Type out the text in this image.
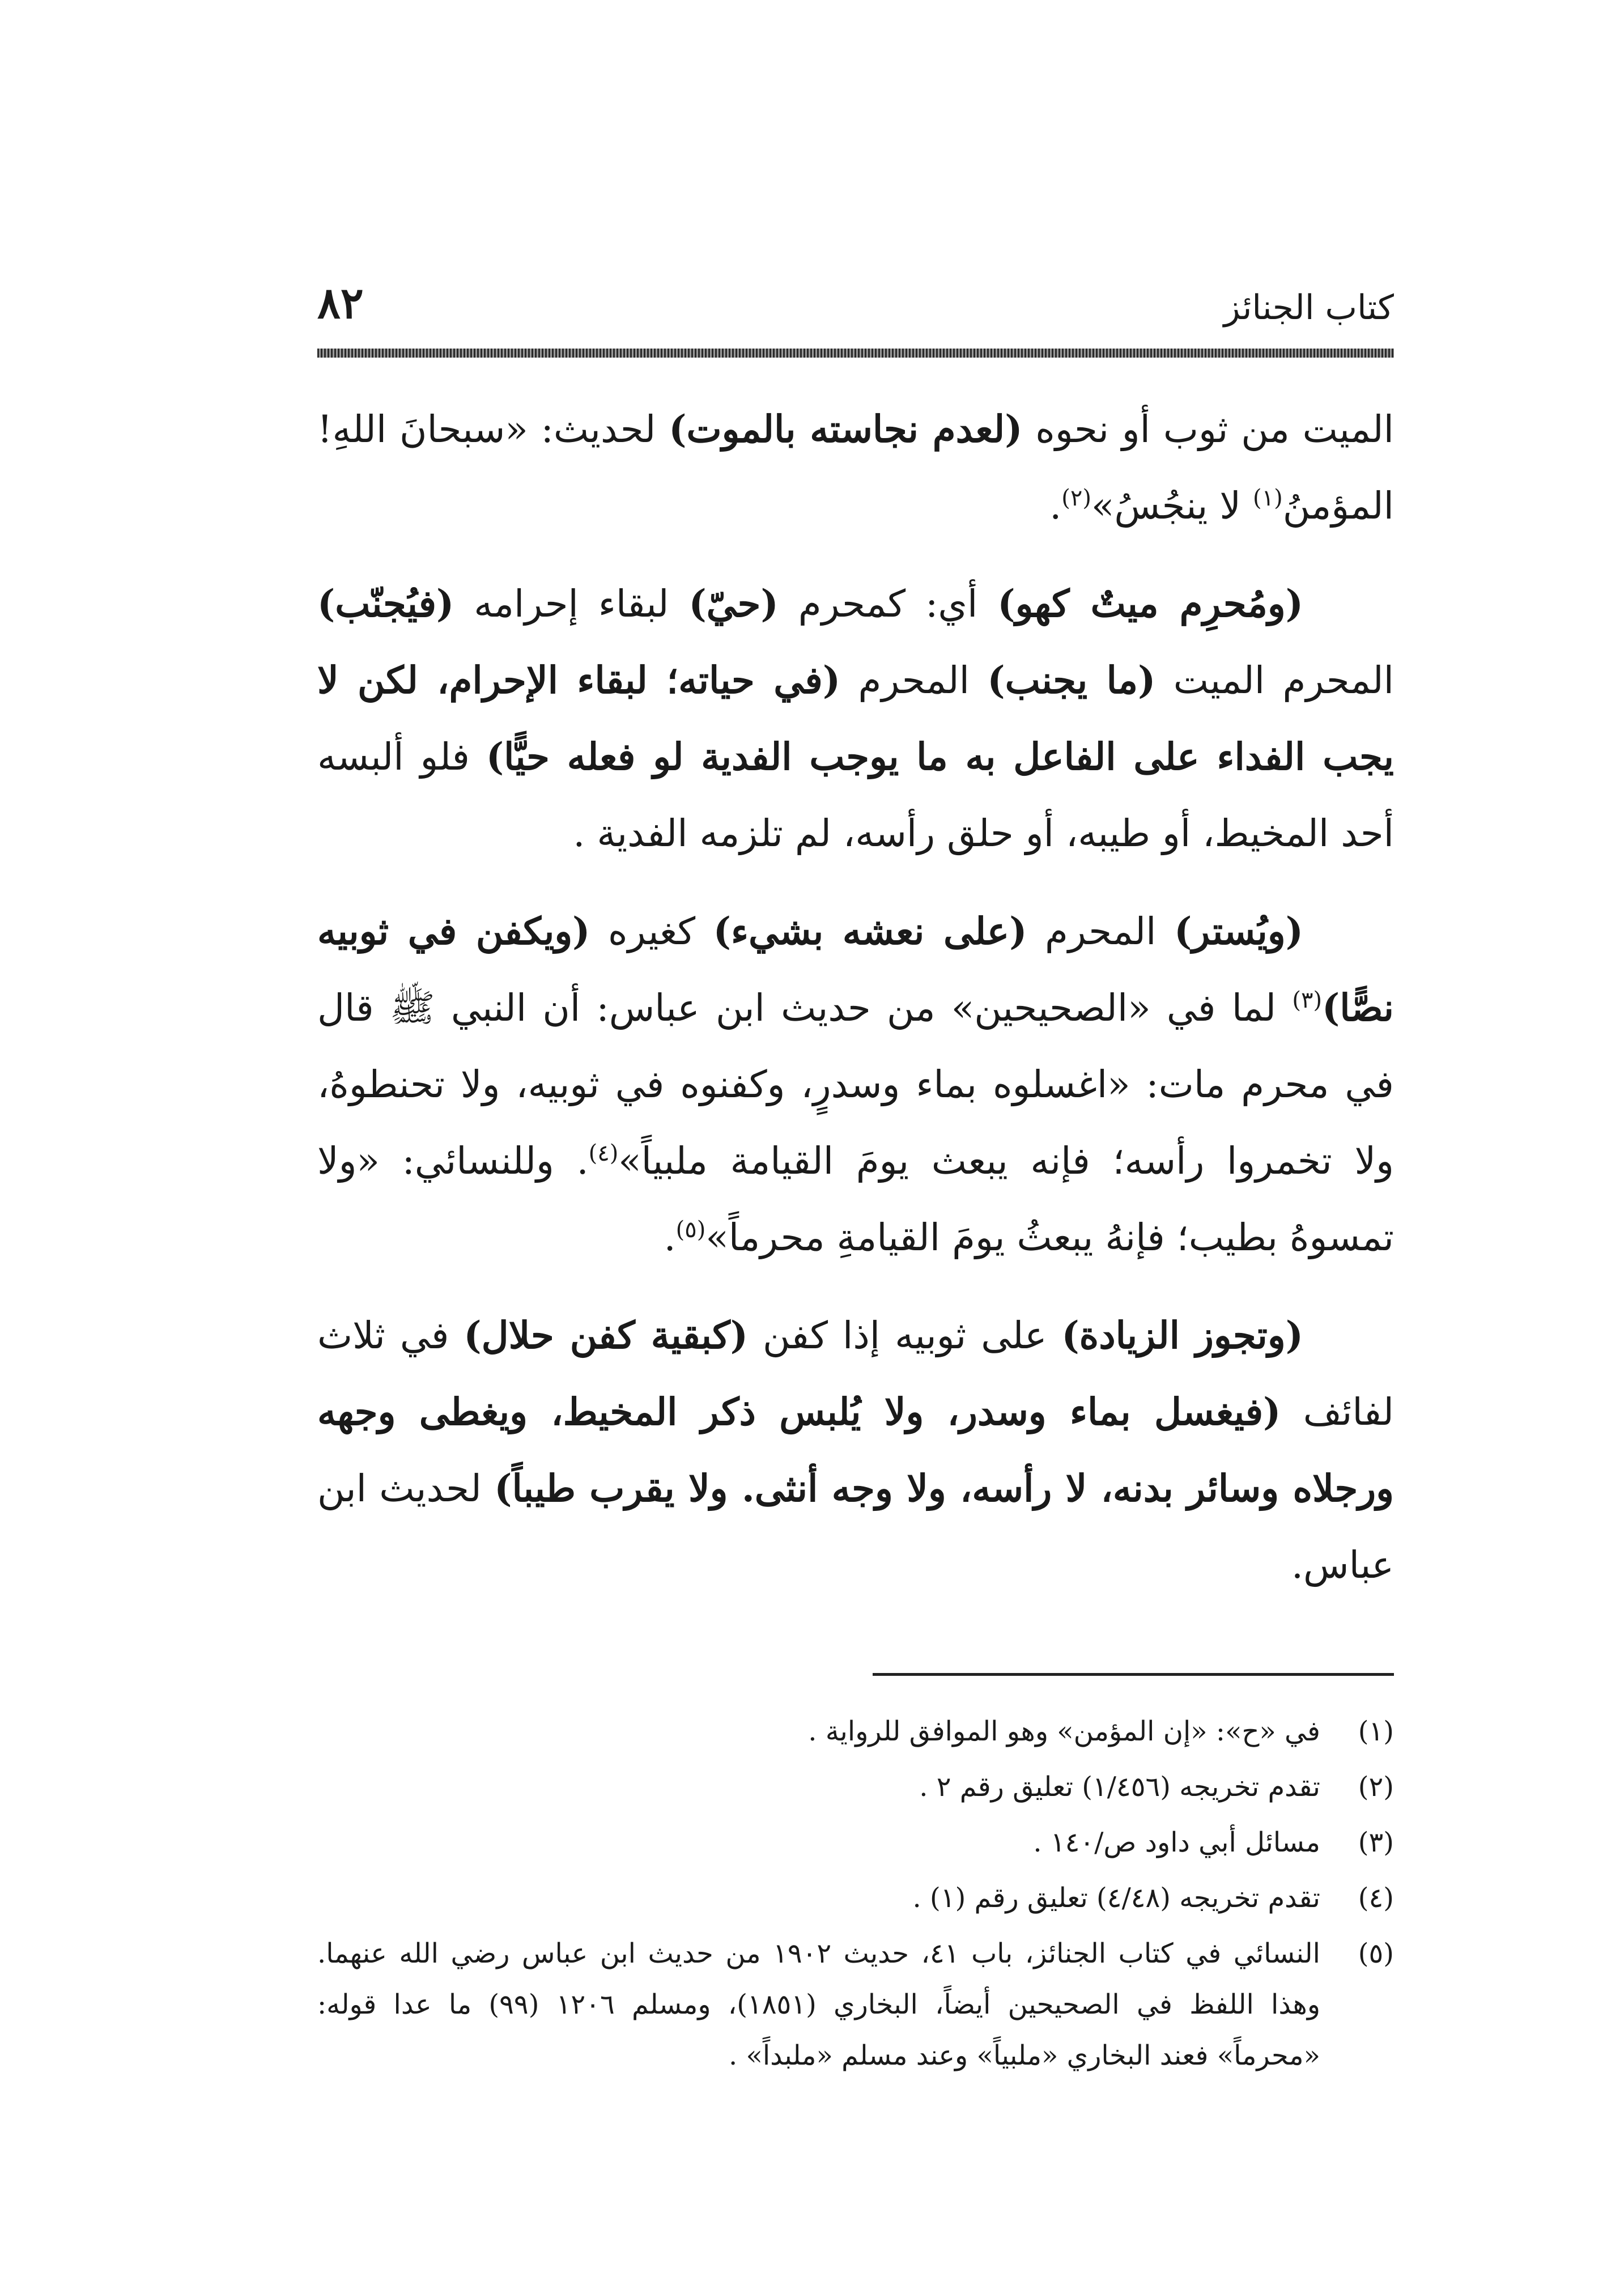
كتاب الجنائز
٨٢

الميت من ثوب أو نحوه (لعدم نجاسته بالموت) لحديث: «سبحانَ اللهِ! المؤمنُ$^{(١)}$ لا ينجُسُ»$^{(٢)}$.

(ومُحرِم ميتٌ كهو) أي: كمحرم (حيّ) لبقاء إحرامه (فيُجنّب) المحرم الميت (ما يجنب) المحرم (في حياته؛ لبقاء الإحرام، لكن لا يجب الفداء على الفاعل به ما يوجب الفدية لو فعله حيًّا) فلو ألبسه أحد المخيط، أو طيبه، أو حلق رأسه، لم تلزمه الفدية .

(ويُستر) المحرم (على نعشه بشيء) كغيره (ويكفن في ثوبيه نصًّا)$^{(٣)}$ لما في «الصحيحين» من حديث ابن عباس: أن النبي ﷺ قال في محرم مات: «اغسلوه بماء وسدرٍ، وكفنوه في ثوبيه، ولا تحنطوهُ، ولا تخمروا رأسه؛ فإنه يبعث يومَ القيامة ملبياً»$^{(٤)}$. وللنسائي: «ولا تمسوهُ بطيب؛ فإنهُ يبعثُ يومَ القيامةِ محرماً»$^{(٥)}$.

(وتجوز الزيادة) على ثوبيه إذا كفن (كبقية كفن حلال) في ثلاث لفائف (فيغسل بماء وسدر، ولا يُلبس ذكر المخيط، ويغطى وجهه ورجلاه وسائر بدنه، لا رأسه، ولا وجه أنثى. ولا يقرب طيباً) لحديث ابن عباس.

(١)
في «ح»: «إن المؤمن» وهو الموافق للرواية .
(٢)
تقدم تخريجه (١/٤٥٦) تعليق رقم ٢ .
(٣)
مسائل أبي داود ص/١٤٠ .
(٤)
تقدم تخريجه (٤/٤٨) تعليق رقم (١) .
(٥)
النسائي في كتاب الجنائز، باب ٤١، حديث ١٩٠٢ من حديث ابن عباس رضي الله عنهما. وهذا اللفظ في الصحيحين أيضاً، البخاري (١٨٥١)، ومسلم ١٢٠٦ (٩٩) ما عدا قوله: «محرماً» فعند البخاري «ملبياً» وعند مسلم «ملبداً» .
